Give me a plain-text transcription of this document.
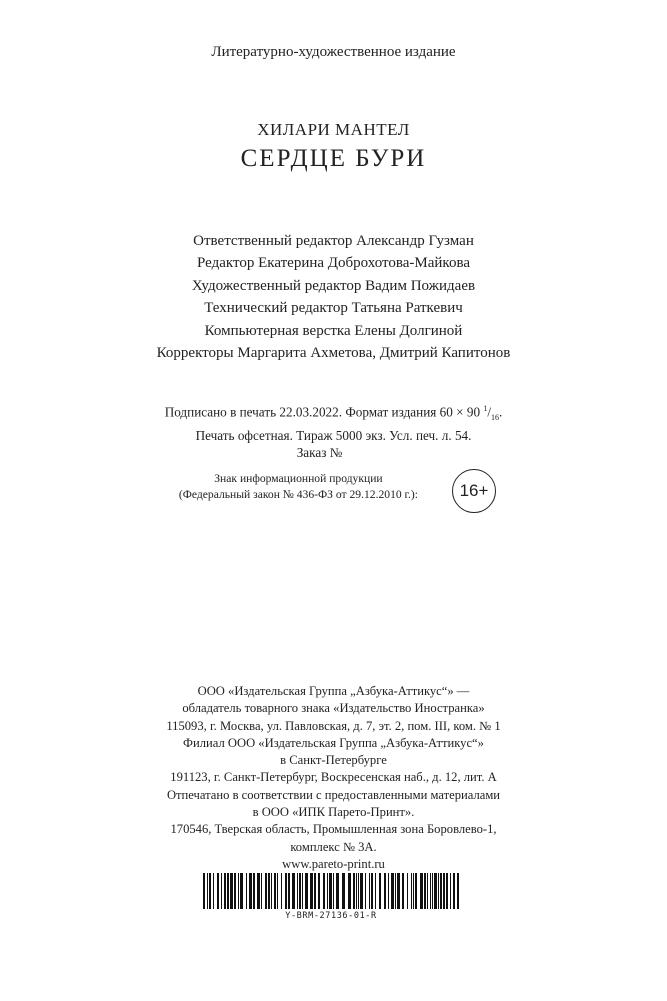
Литературно-художественное издание
ХИЛАРИ МАНТЕЛ
СЕРДЦЕ БУРИ
Ответственный редактор Александр Гузман
Редактор Екатерина Доброхотова-Майкова
Художественный редактор Вадим Пожидаев
Технический редактор Татьяна Раткевич
Компьютерная верстка Елены Долгиной
Корректоры Маргарита Ахметова, Дмитрий Капитонов
Подписано в печать 22.03.2022. Формат издания 60 × 90 $^1/_{16}$.
Печать офсетная. Тираж 5000 экз. Усл. печ. л. 54.
Заказ №
Знак информационной продукции
(Федеральный закон № 436-ФЗ от 29.12.2010 г.): 16+
ООО «Издательская Группа „Азбука-Аттикус“» —
обладатель товарного знака «Издательство Иностранка»
115093, г. Москва, ул. Павловская, д. 7, эт. 2, пом. III, ком. № 1
Филиал ООО «Издательская Группа „Азбука-Аттикус“»
в Санкт-Петербурге
191123, г. Санкт-Петербург, Воскресенская наб., д. 12, лит. А
Отпечатано в соответствии с предоставленными материалами
в ООО «ИПК Парето-Принт».
170546, Тверская область, Промышленная зона Боровлево-1,
комплекс № 3А.
www.pareto-print.ru
Y-BRM-27136-01-R
